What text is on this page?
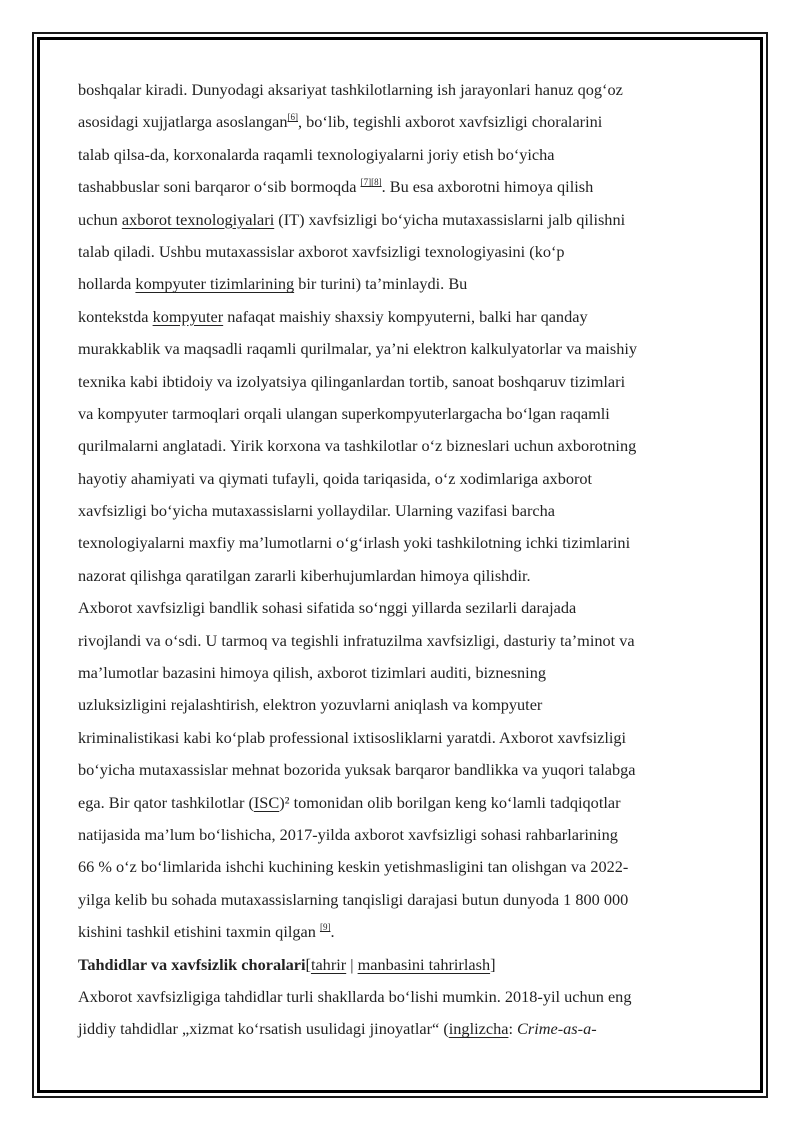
boshqalar kiradi. Dunyodagi aksariyat tashkilotlarning ish jarayonlari hanuz qog‘oz
asosidagi xujjatlarga asoslangan[6], bo‘lib, tegishli axborot xavfsizligi choralarini
talab qilsa-da, korxonalarda raqamli texnologiyalarni joriy etish bo‘yicha
tashabbuslar soni barqaror o‘sib bormoqda [7][8]. Bu esa axborotni himoya qilish
uchun axborot texnologiyalari (IT) xavfsizligi bo‘yicha mutaxassislarni jalb qilishni
talab qiladi. Ushbu mutaxassislar axborot xavfsizligi texnologiyasini (ko‘p
hollarda kompyuter tizimlarining bir turini) ta’minlaydi. Bu
kontekstda kompyuter nafaqat maishiy shaxsiy kompyuterni, balki har qanday
murakkablik va maqsadli raqamli qurilmalar, ya’ni elektron kalkulyatorlar va maishiy
texnika kabi ibtidoiy va izolyatsiya qilinganlardan tortib, sanoat boshqaruv tizimlari
va kompyuter tarmoqlari orqali ulangan superkompyuterlargacha bo‘lgan raqamli
qurilmalarni anglatadi. Yirik korxona va tashkilotlar o‘z bizneslari uchun axborotning
hayotiy ahamiyati va qiymati tufayli, qoida tariqasida, o‘z xodimlariga axborot
xavfsizligi bo‘yicha mutaxassislarni yollaydilar. Ularning vazifasi barcha
texnologiyalarni maxfiy ma’lumotlarni o‘g‘irlash yoki tashkilotning ichki tizimlarini
nazorat qilishga qaratilgan zararli kiberhujumlardan himoya qilishdir.
Axborot xavfsizligi bandlik sohasi sifatida so‘nggi yillarda sezilarli darajada
rivojlandi va o‘sdi. U tarmoq va tegishli infratuzilma xavfsizligi, dasturiy ta’minot va
ma’lumotlar bazasini himoya qilish, axborot tizimlari auditi, biznesning
uzluksizligini rejalashtirish, elektron yozuvlarni aniqlash va kompyuter
kriminalistikasi kabi ko‘plab professional ixtisosliklarni yaratdi. Axborot xavfsizligi
bo‘yicha mutaxassislar mehnat bozorida yuksak barqaror bandlikka va yuqori talabga
ega. Bir qator tashkilotlar (ISC)² tomonidan olib borilgan keng ko‘lamli tadqiqotlar
natijasida ma’lum bo‘lishicha, 2017-yilda axborot xavfsizligi sohasi rahbarlarining
66 % o‘z bo‘limlarida ishchi kuchining keskin yetishmasligini tan olishgan va 2022-
yilga kelib bu sohada mutaxassislarning tanqisligi darajasi butun dunyoda 1 800 000
kishini tashkil etishini taxmin qilgan [9].
Tahdidlar va xavfsizlik choralari[tahrir | manbasini tahrirlash]
Axborot xavfsizligiga tahdidlar turli shakllarda bo‘lishi mumkin. 2018-yil uchun eng
jiddiy tahdidlar „xizmat ko‘rsatish usulidagi jinoyatlar“ (inglizcha: Crime-as-a-
